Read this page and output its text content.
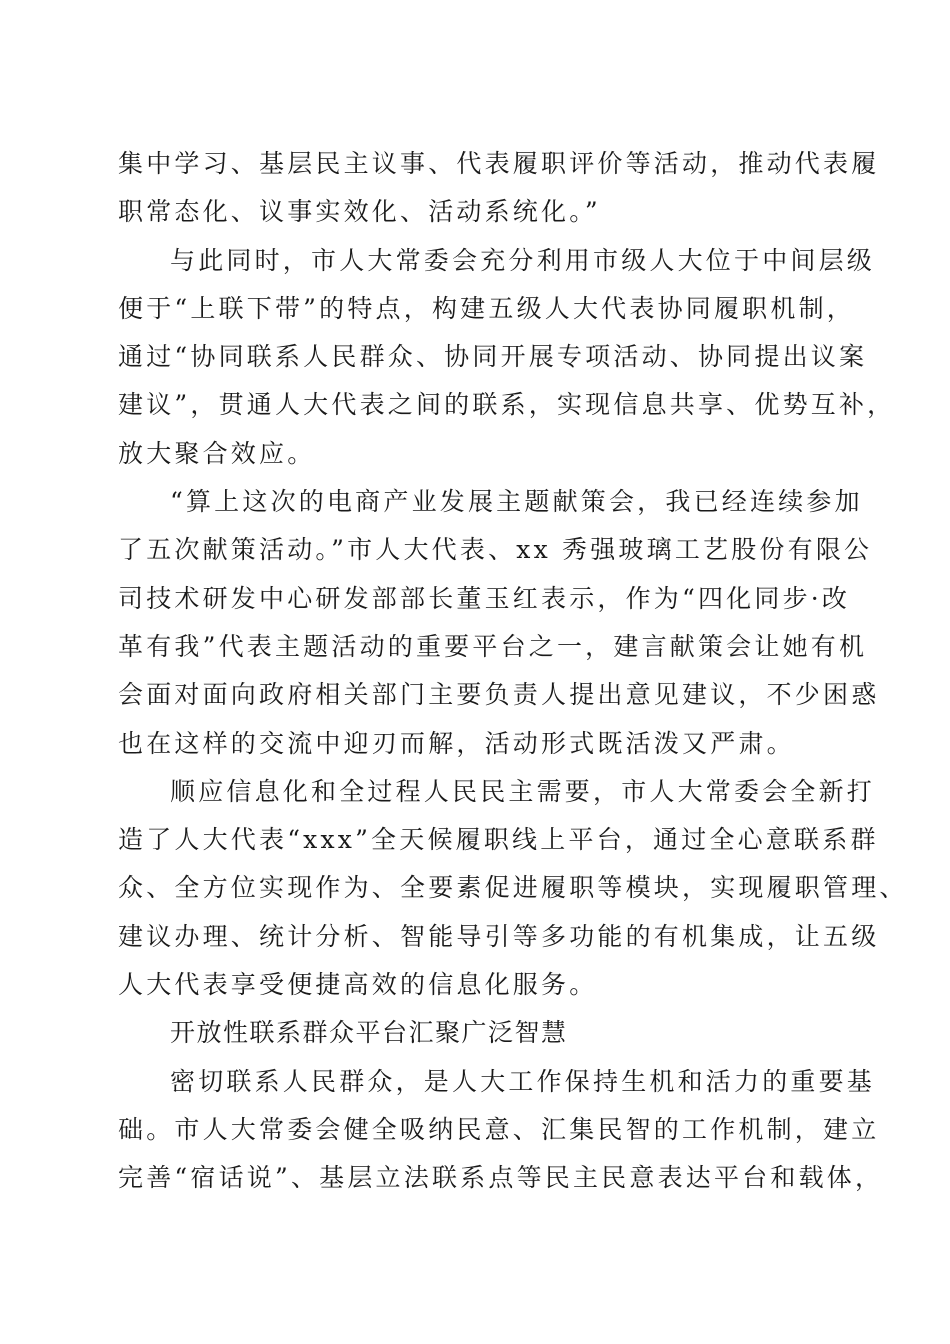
集中学习、基层民主议事、代表履职评价等活动，推动代表履
职常态化、议事实效化、活动系统化。”
与此同时，市人大常委会充分利用市级人大位于中间层级
便于“上联下带”的特点，构建五级人大代表协同履职机制，
通过“协同联系人民群众、协同开展专项活动、协同提出议案
建议”，贯通人大代表之间的联系，实现信息共享、优势互补，
放大聚合效应。
“算上这次的电商产业发展主题献策会，我已经连续参加
了五次献策活动。”市人大代表、xx 秀强玻璃工艺股份有限公
司技术研发中心研发部部长董玉红表示，作为“四化同步·改
革有我”代表主题活动的重要平台之一，建言献策会让她有机
会面对面向政府相关部门主要负责人提出意见建议，不少困惑
也在这样的交流中迎刃而解，活动形式既活泼又严肃。
顺应信息化和全过程人民民主需要，市人大常委会全新打
造了人大代表“xxx”全天候履职线上平台，通过全心意联系群
众、全方位实现作为、全要素促进履职等模块，实现履职管理、
建议办理、统计分析、智能导引等多功能的有机集成，让五级
人大代表享受便捷高效的信息化服务。
开放性联系群众平台汇聚广泛智慧
密切联系人民群众，是人大工作保持生机和活力的重要基
础。市人大常委会健全吸纳民意、汇集民智的工作机制，建立
完善“宿话说”、基层立法联系点等民主民意表达平台和载体，
